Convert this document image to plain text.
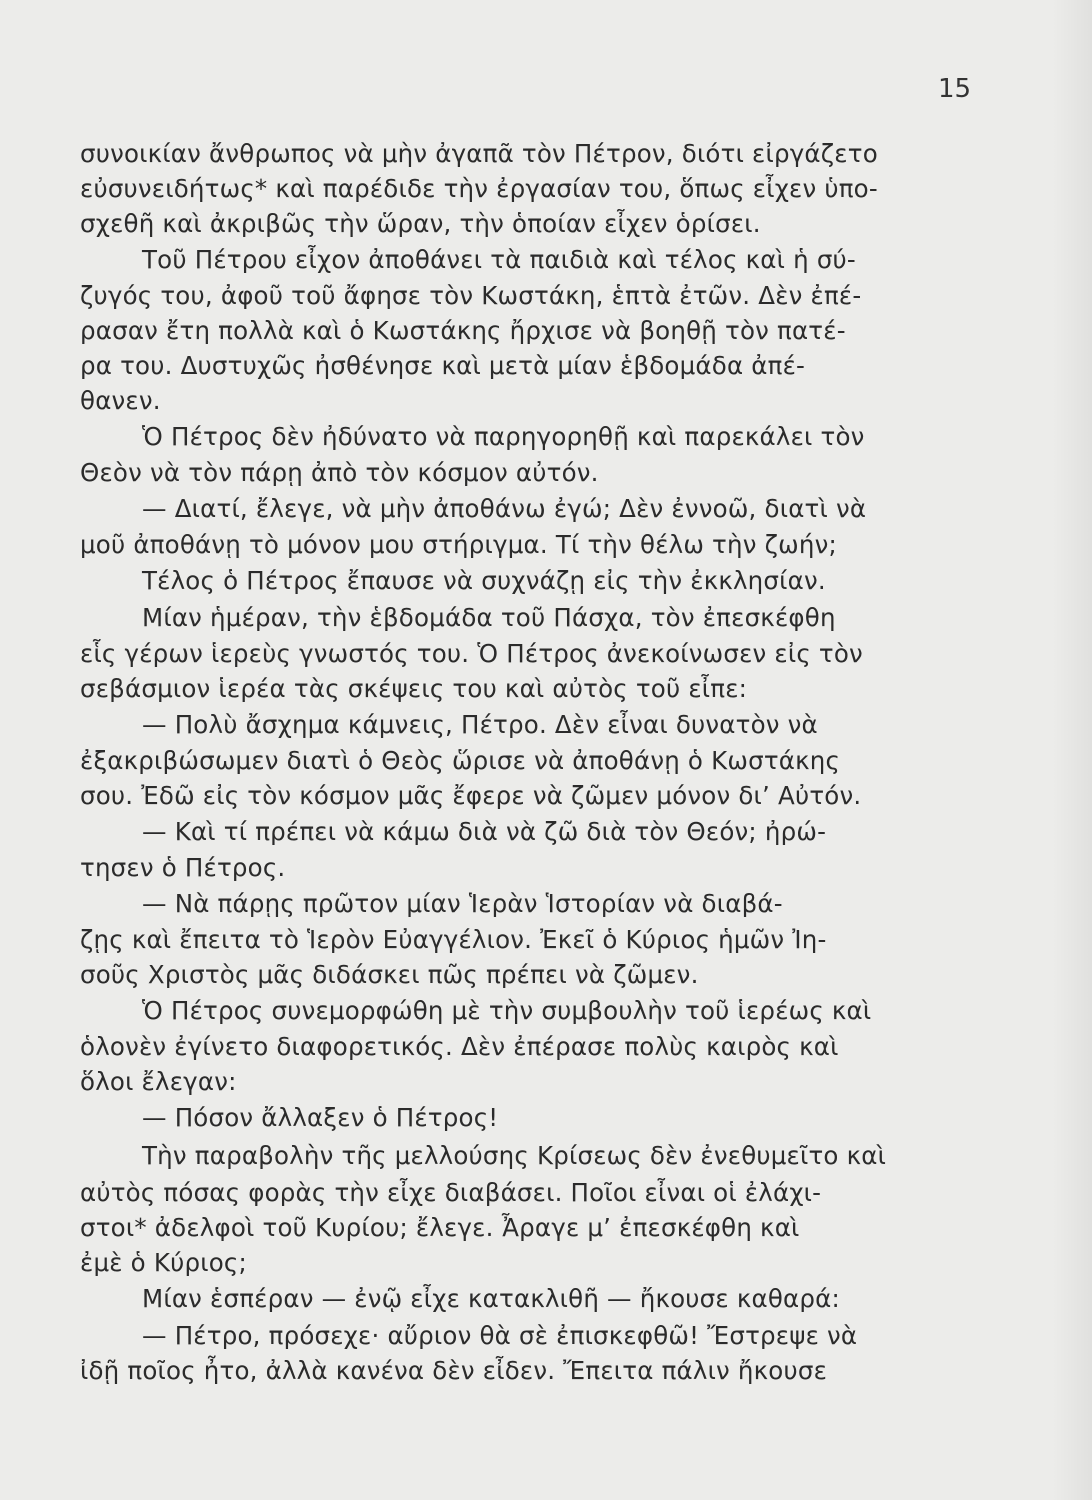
15
συνοικίαν ἄνθρωπος νὰ μὴν ἀγαπᾶ τὸν Πέτρον, διότι εἰργάζετο
εὐσυνειδήτως* καὶ παρέδιδε τὴν ἐργασίαν του, ὅπως εἶχεν ὑπο-
σχεθῆ καὶ ἀκριβῶς τὴν ὥραν, τὴν ὁποίαν εἶχεν ὁρίσει.
Τοῦ Πέτρου εἶχον ἀποθάνει τὰ παιδιὰ καὶ τέλος καὶ ἡ σύ-
ζυγός του, ἀφοῦ τοῦ ἄφησε τὸν Κωστάκη, ἑπτὰ ἐτῶν. Δὲν ἐπέ-
ρασαν ἔτη πολλὰ καὶ ὁ Κωστάκης ἤρχισε νὰ βοηθῇ τὸν πατέ-
ρα του. Δυστυχῶς ἠσθένησε καὶ μετὰ μίαν ἑβδομάδα ἀπέ-
θανεν.
Ὁ Πέτρος δὲν ἠδύνατο νὰ παρηγορηθῇ καὶ παρεκάλει τὸν
Θεὸν νὰ τὸν πάρῃ ἀπὸ τὸν κόσμον αὐτόν.
— Διατί, ἔλεγε, νὰ μὴν ἀποθάνω ἐγώ; Δὲν ἐννοῶ, διατὶ νὰ
μοῦ ἀποθάνῃ τὸ μόνον μου στήριγμα. Τί τὴν θέλω τὴν ζωήν;
Τέλος ὁ Πέτρος ἔπαυσε νὰ συχνάζῃ εἰς τὴν ἐκκλησίαν.
Μίαν ἡμέραν, τὴν ἑβδομάδα τοῦ Πάσχα, τὸν ἐπεσκέφθη
εἷς γέρων ἱερεὺς γνωστός του. Ὁ Πέτρος ἀνεκοίνωσεν εἰς τὸν
σεβάσμιον ἱερέα τὰς σκέψεις του καὶ αὐτὸς τοῦ εἶπε:
— Πολὺ ἄσχημα κάμνεις, Πέτρο. Δὲν εἶναι δυνατὸν νὰ
ἐξακριβώσωμεν διατὶ ὁ Θεὸς ὥρισε νὰ ἀποθάνῃ ὁ Κωστάκης
σου. Ἐδῶ εἰς τὸν κόσμον μᾶς ἔφερε νὰ ζῶμεν μόνον δι’ Αὐτόν.
— Καὶ τί πρέπει νὰ κάμω διὰ νὰ ζῶ διὰ τὸν Θεόν; ἠρώ-
τησεν ὁ Πέτρος.
— Νὰ πάρῃς πρῶτον μίαν Ἱερὰν Ἱστορίαν νὰ διαβά-
ζῃς καὶ ἔπειτα τὸ Ἱερὸν Εὐαγγέλιον. Ἐκεῖ ὁ Κύριος ἡμῶν Ἰη-
σοῦς Χριστὸς μᾶς διδάσκει πῶς πρέπει νὰ ζῶμεν.
Ὁ Πέτρος συνεμορφώθη μὲ τὴν συμβουλὴν τοῦ ἱερέως καὶ
ὁλονὲν ἐγίνετο διαφορετικός. Δὲν ἐπέρασε πολὺς καιρὸς καὶ
ὅλοι ἔλεγαν:
— Πόσον ἄλλαξεν ὁ Πέτρος!
Τὴν παραβολὴν τῆς μελλούσης Κρίσεως δὲν ἐνεθυμεῖτο καὶ
αὐτὸς πόσας φορὰς τὴν εἶχε διαβάσει. Ποῖοι εἶναι οἱ ἐλάχι-
στοι* ἀδελφοὶ τοῦ Κυρίου; ἔλεγε. Ἆραγε μ’ ἐπεσκέφθη καὶ
ἐμὲ ὁ Κύριος;
Μίαν ἑσπέραν — ἐνῷ εἶχε κατακλιθῆ — ἤκουσε καθαρά:
— Πέτρο, πρόσεχε· αὔριον θὰ σὲ ἐπισκεφθῶ! Ἔστρεψε νὰ
ἰδῇ ποῖος ἦτο, ἀλλὰ κανένα δὲν εἶδεν. Ἔπειτα πάλιν ἤκουσε
